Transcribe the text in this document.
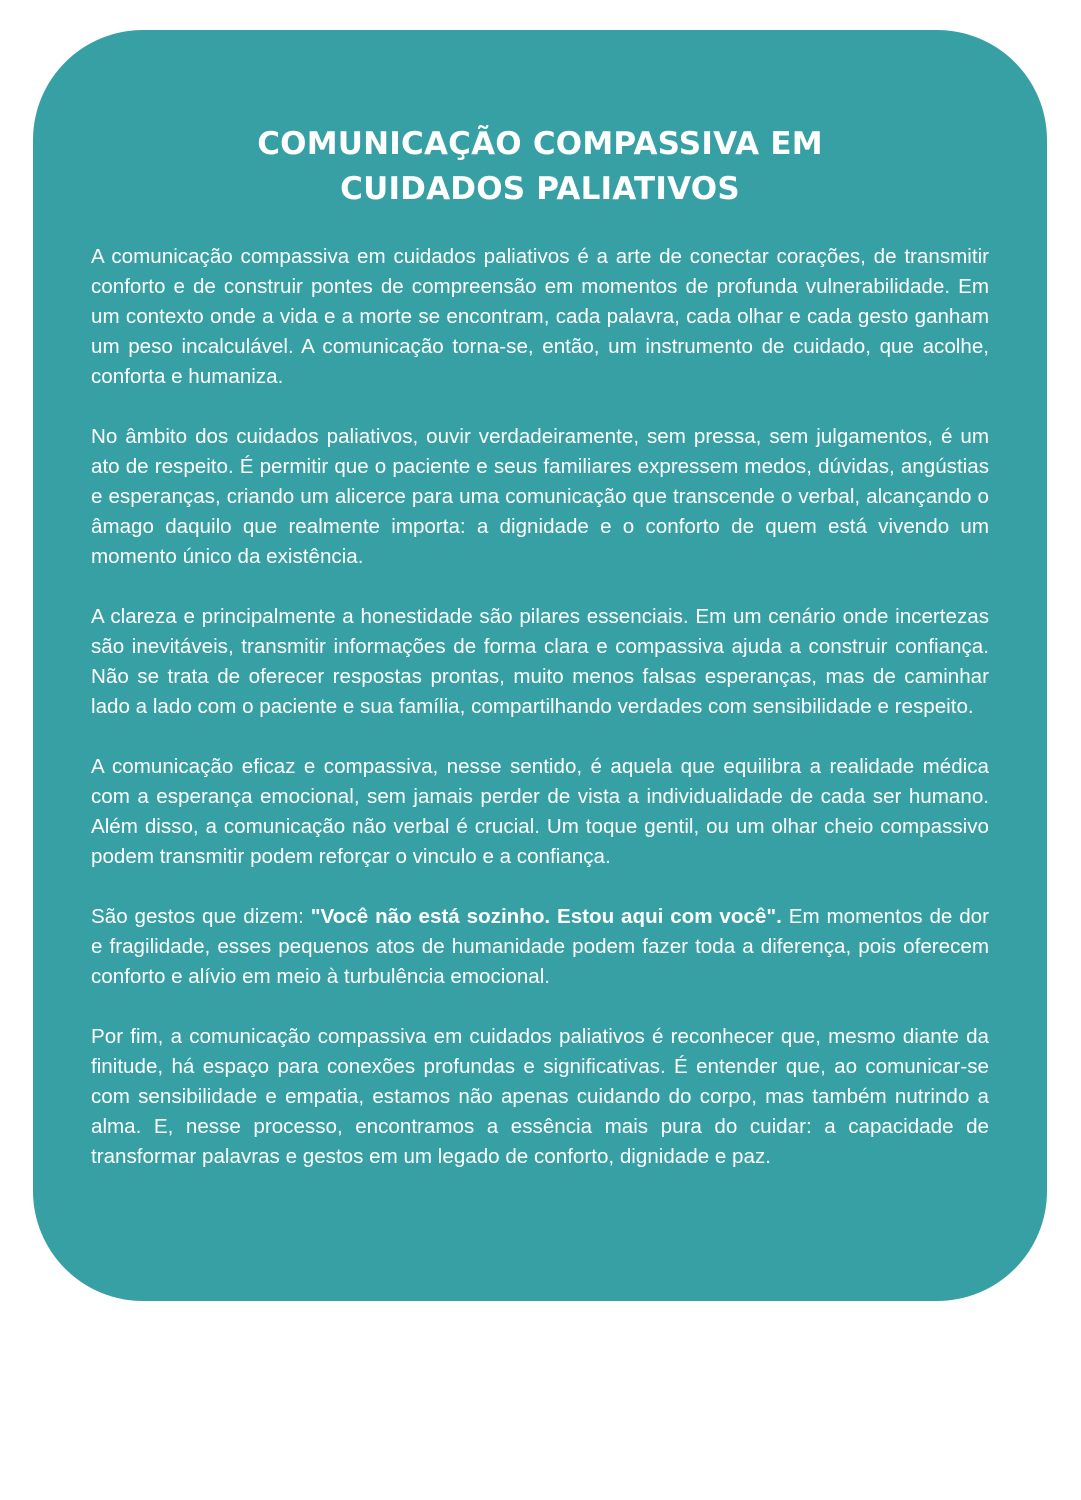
COMUNICAÇÃO COMPASSIVA EM
CUIDADOS PALIATIVOS

A comunicação compassiva em cuidados paliativos é a arte de conectar corações, de transmitir conforto e de construir pontes de compreensão em momentos de profunda vulnerabilidade. Em um contexto onde a vida e a morte se encontram, cada palavra, cada olhar e cada gesto ganham um peso incalculável. A comunicação torna-se, então, um instrumento de cuidado, que acolhe, conforta e humaniza.

No âmbito dos cuidados paliativos, ouvir verdadeiramente, sem pressa, sem julgamentos, é um ato de respeito. É permitir que o paciente e seus familiares expressem medos, dúvidas, angústias e esperanças, criando um alicerce para uma comunicação que transcende o verbal, alcançando o âmago daquilo que realmente importa: a dignidade e o conforto de quem está vivendo um momento único da existência.

A clareza e principalmente a honestidade são pilares essenciais. Em um cenário onde incertezas são inevitáveis, transmitir informações de forma clara e compassiva ajuda a construir confiança. Não se trata de oferecer respostas prontas, muito menos falsas esperanças, mas de caminhar lado a lado com o paciente e sua família, compartilhando verdades com sensibilidade e respeito.

A comunicação eficaz e compassiva, nesse sentido, é aquela que equilibra a realidade médica com a esperança emocional, sem jamais perder de vista a individualidade de cada ser humano. Além disso, a comunicação não verbal é crucial. Um toque gentil, ou um olhar cheio compassivo podem transmitir podem reforçar o vinculo e a confiança.

São gestos que dizem: "Você não está sozinho. Estou aqui com você". Em momentos de dor e fragilidade, esses pequenos atos de humanidade podem fazer toda a diferença, pois oferecem conforto e alívio em meio à turbulência emocional.

Por fim, a comunicação compassiva em cuidados paliativos é reconhecer que, mesmo diante da finitude, há espaço para conexões profundas e significativas. É entender que, ao comunicar-se com sensibilidade e empatia, estamos não apenas cuidando do corpo, mas também nutrindo a alma. E, nesse processo, encontramos a essência mais pura do cuidar: a capacidade de transformar palavras e gestos em um legado de conforto, dignidade e paz.
